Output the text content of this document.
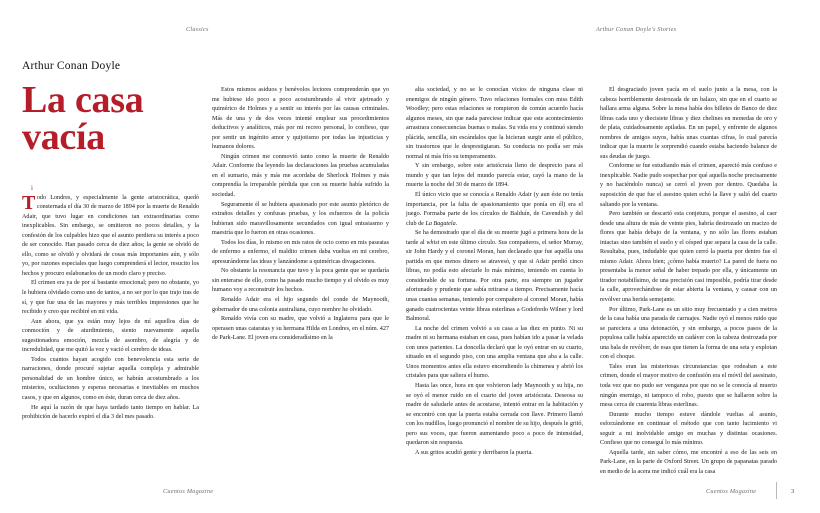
Classics	Arthur Conan Doyle's Stories
Arthur Conan Doyle
La casa
vacía

i

Todo Londres, y especialmente la gente aristocrática, quedó consternada el día 30 de marzo de 1894 por la muerte de Renaldo Adair, que tuvo lugar en condiciones tan extraordinarias como inexplicables. Sin embargo, se omitieron no pocos detalles, y la confesión de los culpables hizo que el asunto perdiera su interés a poco de ser conocido. Han pasado cerca de diez años; la gente se olvidó de ello, como se olvidó y olvidará de cosas más importantes aún, y sólo yo, por razones especiales que luego comprenderá el lector, resucito los hechos y procuro eslabonarlos de un modo claro y preciso.

El crimen era ya de por sí bastante emocional; pero no obstante, yo le hubiera olvidado como uno de tantos, a no ser por lo que trajo tras de sí, y que fue una de las mayores y más terribles impresiones que he recibido y creo que recibiré en mi vida.

Aun ahora, que ya están muy lejos de mí aquellos días de conmoción y de aturdimiento, siento nuevamente aquella sugestionadora emoción, mezcla de asombro, de alegría y de incredulidad, que me quitó la voz y vació el cerebro de ideas.

Todos cuantos hayan acogido con benevolencia esta serie de narraciones, donde procuré sujetar aquella compleja y admirable personalidad de un hombre único, se habrán acostumbrado a los misterios, ocultaciones y esperas necesarias e inevitables en muchos casos, y que en algunos, como en éste, duran cerca de diez años.

He aquí la razón de que haya tardado tanto tiempo en hablar. La prohibición de hacerlo expiró el día 3 del mes pasado.

Estos mismos asiduos y benévolos lectores comprenderán que yo me hubiese ido poco a poco acostumbrando al vivir ajetreado y quimérico de Holmes y a sentir su interés por las causas criminales. Más de una y de dos veces intenté emplear sus procedimientos deductivos y analíticos, más por mi recreo personal, lo confieso, que por sentir un ingénito amor y quijotismo por todas las injusticias y humanos dolores.

Ningún crimen me conmovió tanto como la muerte de Renaldo Adair. Conforme iba leyendo las declaraciones las pruebas acumuladas en el sumario, más y más me acordaba de Sherlock Holmes y más comprendía la irreparable pérdida que con su muerte había sufrido la sociedad.

Seguramente él se hubiera apasionado por este asunto pletórico de extraños detalles y confusas pruebas, y los esfuerzos de la policía hubieran sido maravillosamente secundados con igual entusiasmo y maestría que lo fueron en otras ocasiones.

Todos los días, lo mismo en mis ratos de ocio como en mis paseatas de enfermo a enfermo, el maldito crimen daba vueltas en mi cerebro, apresurándome las ideas y lanzándome a quiméricas divagaciones.

No obstante la resonancia que tuvo y la poca gente que se quedaría sin enterarse de ello, como ha pasado mucho tiempo y el olvido es muy humano voy a reconstruir los hechos.

Renaldo Adair era el hijo segundo del conde de Maynooth, gobernador de una colonia australiana, cuyo nombre he olvidado.

Renaldo vivía con su madre, que volvió a Inglaterra para que le operasen unas cataratas y su hermana Hilda en Londres, en el núm. 427 de Park-Lane. El joven era consideradísimo en la

alta sociedad, y no se le conocían vicios de ninguna clase ni enemigos de ningún género. Tuvo relaciones formales con miss Edith Woodley; pero estas relaciones se rompieron de común acuerdo hacía algunos meses, sin que nada pareciese indicar que este acontecimiento arrastrara consecuencias buenas o malas. Su vida era y continuó siendo plácida, sencilla, sin escándalos que la hicieran surgir ante el público, sin trastornos que le desprestigiaran. Su conducta no podía ser más normal ni más frío su temperamento.

Y sin embargo, sobre este aristócrata lleno de desprecio para el mundo y que tan lejos del mundo parecía estar, cayó la mano de la muerte la noche del 30 de marzo de 1894.

El único vicio que se conocía a Renaldo Adair (y aun éste no tenía importancia, por la falta de apasionamiento que ponía en él) era el juego. Formaba parte de los círculos de Balduín, de Cavendish y del club de La Bagatela.

Se ha demostrado que el día de su muerte jugó a primera hora de la tarde al whist en este último círculo. Sus compañeros, el señor Murray, sir John Hardy y el coronel Moran, han declarado que fue aquélla una partida en que menos dinero se atravesó, y que si Adair perdió cinco libras, no podía esto afectarle lo más mínimo, teniendo en cuenta lo considerable de su fortuna. Por otra parte, era siempre un jugador afortunado y prudente que sabía retirarse a tiempo. Precisamente hacía unas cuantas semanas, teniendo por compañero al coronel Moran, había ganado cuatrocientas veinte libras esterlinas a Godofredo Wilner y lord Balmoral.

La noche del crimen volvió a su casa a las diez en punto. Ni su madre ni su hermana estaban en casa, pues habían ido a pasar la velada con unos parientes. La doncella declaró que le oyó entrar en su cuarto, situado en el segundo piso, con una amplia ventana que aba a la calle. Unos momentos antes ella estuvo encendiendo la chimenea y abrió los cristales para que saliera el humo.

Hasta las once, hora en que volvieron lady Maynooth y su hija, no se oyó el menor ruido en el cuarto del joven aristócrata. Deseosa su madre de saludarle antes de acostarse, intentó entrar en la habitación y se encontró con que la puerta estaba cerrada con llave. Primero llamó con los nudillos, luego pronunció el nombre de su hijo, después le gritó, pero sus voces, que fueron aumentando poco a poco de intensidad, quedaron sin respuesta.

A sus gritos acudió gente y derribaron la puerta.

El desgraciado joven yacía en el suelo junto a la mesa, con la cabeza horriblemente destrozada de un balazo, sin que en el cuarto se hallara arma alguna. Sobre la mesa había dos billetes de Banco de diez libras cada uno y diecisiete libras y diez chelines en monedas de oro y de plata, cuidadosamente apiladas. En un papel, y enfrente de algunos nombres de amigos suyos, había unas cuantas cifras, lo cual parecía indicar que la muerte le sorprendió cuando estaba haciendo balance de sus deudas de juego.

Conforme se fue estudiando más el crimen, apareció más confuso e inexplicable. Nadie pudo sospechar por qué aquella noche precisamente y no haciéndolo nunca) se cerró el joven por dentro. Quedaba la suposición de que fue el asesino quien echó la llave y salió del cuarto saltando por la ventana.

Pero también se descartó esta conjetura, porque el asesino, al caer desde una altura de más de veinte pies, habría destrozado un macizo de flores que había debajo de la ventana, y no sólo las flores estaban intactas sino también el suelo y el césped que separa la casa de la calle. Resultaba, pues, indudable que quien cerró la puerta por dentro fue el mismo Adair. Ahora bien; ¿cómo había muerto? La pared de fuera no presentaba la menor señal de haber trepado por ella, y únicamente un tirador notabilísimo, de una precisión casi imposible, podría tirar desde la calle, aprovechándose de estar abierta la ventana, y causar con un revólver una herida semejante.

Por último, Park-Lane es un sitio muy frecuentado y a cien metros de la casa había una parada de carruajes. Nadie oyó el menos ruido que se pareciera a una detonación, y sin embargo, a pocos pasos de la populosa calle había aparecido un cadáver con la cabeza destrozada por una bala de revólver, de esas que tienen la forma de una seta y explotan con el choque.

Tales eran las misteriosas circunstancias que rodeaban a este crimen, donde el mayor motivo de confusión era el móvil del asesinato, toda vez que no pudo ser venganza por que no se le conocía al muerto ningún enemigo, ni tampoco el robo, puesto que se hallaron sobre la mesa cerca de cuarenta libras esterlinas.

Durante mucho tiempo estuve dándole vueltas al asunto, esforzándome en continuar el método que con tanto lucimiento vi seguir a mi inolvidable amigo en muchas y distintas ocasiones. Confieso que no conseguí lo más mínimo.

Aquella tarde, sin saber cómo, me encontré a eso de las seis en Park-Lane, en la parte de Oxford Street. Un grupo de papanatas parado en medio de la acera me indicó cuál era la casa

Cuentos Magazine	Cuentos Magazine	3
